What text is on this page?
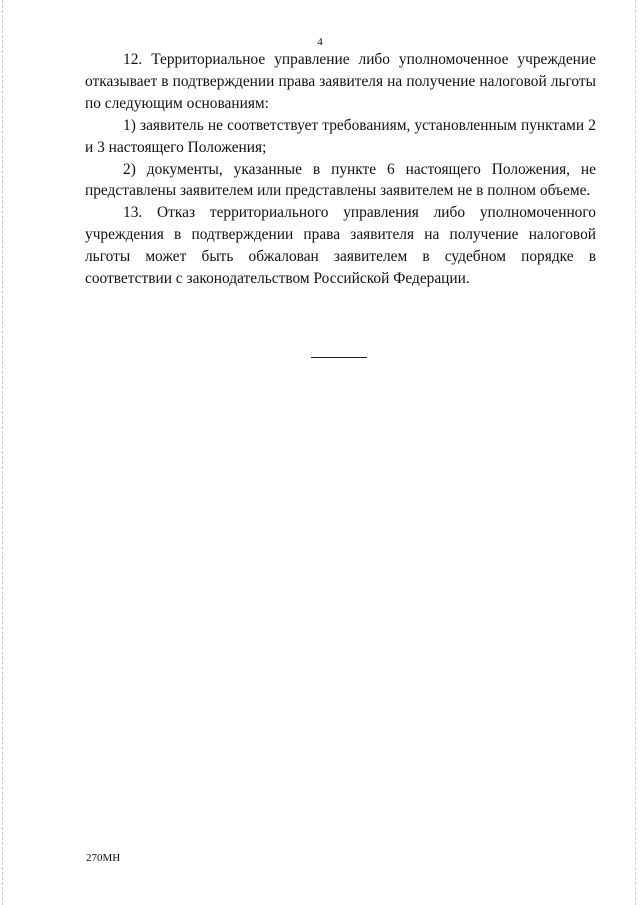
4

12. Территориальное управление либо уполномоченное учреждение отказывает в подтверждении права заявителя на получение налоговой льготы по следующим основаниям:

1) заявитель не соответствует требованиям, установленным пунктами 2 и 3 настоящего Положения;

2) документы, указанные в пункте 6 настоящего Положения, не представлены заявителем или представлены заявителем не в полном объеме.

13. Отказ территориального управления либо уполномоченного учреждения в подтверждении права заявителя на получение налоговой льготы может быть обжалован заявителем в судебном порядке в соответствии с законодательством Российской Федерации.

270МН
